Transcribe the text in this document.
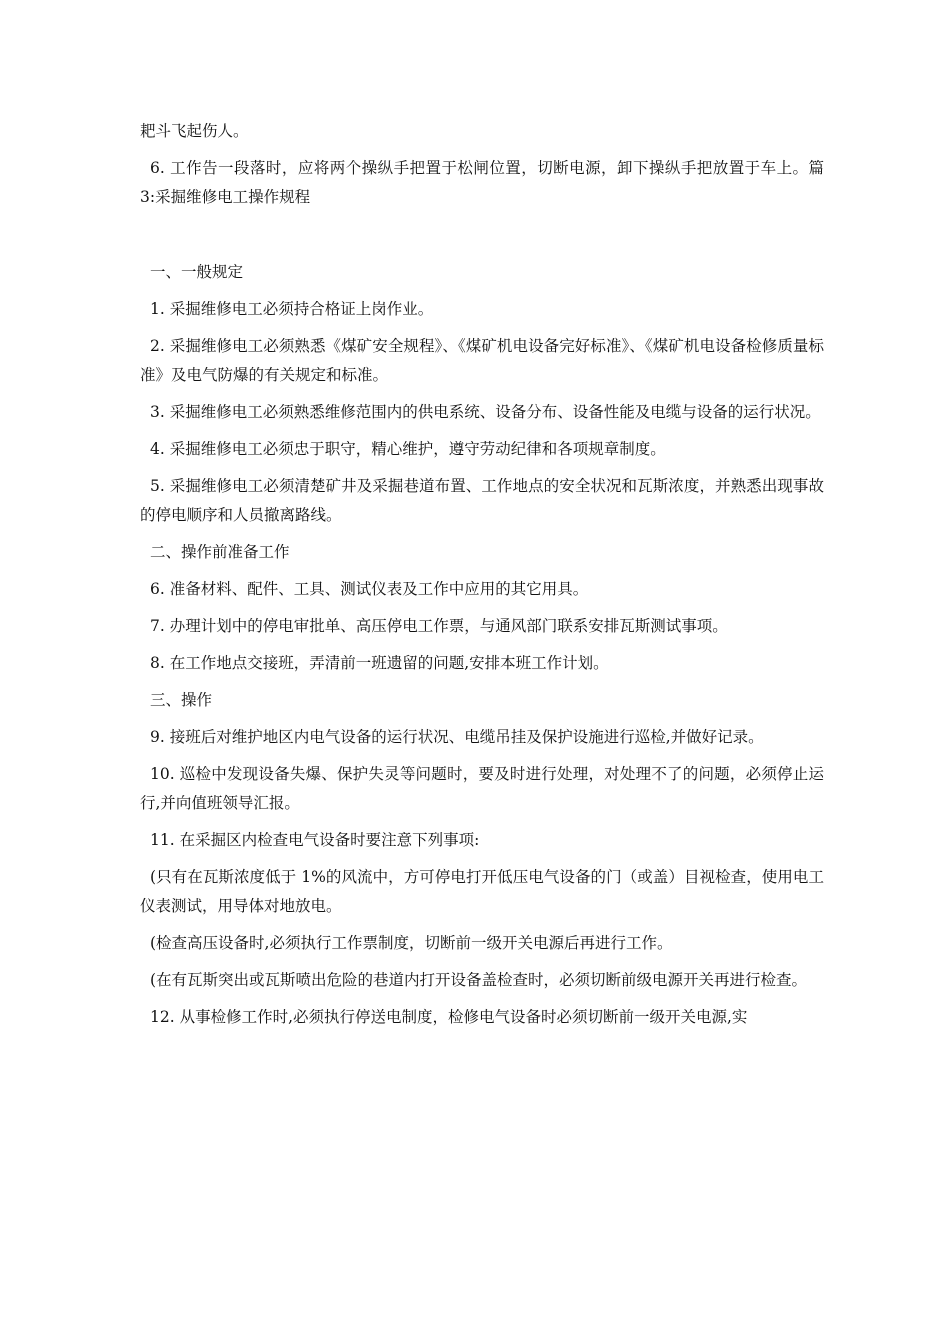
耙斗飞起伤人。

6. 工作告一段落时，应将两个操纵手把置于松闸位置，切断电源，卸下操纵手把放置于车上。篇 3:采掘维修电工操作规程

一、一般规定

1. 采掘维修电工必须持合格证上岗作业。

2. 采掘维修电工必须熟悉《煤矿安全规程》、《煤矿机电设备完好标准》、《煤矿机电设备检修质量标准》及电气防爆的有关规定和标准。

3. 采掘维修电工必须熟悉维修范围内的供电系统、设备分布、设备性能及电缆与设备的运行状况。

4. 采掘维修电工必须忠于职守，精心维护，遵守劳动纪律和各项规章制度。

5. 采掘维修电工必须清楚矿井及采掘巷道布置、工作地点的安全状况和瓦斯浓度，并熟悉出现事故的停电顺序和人员撤离路线。

二、操作前准备工作

6. 准备材料、配件、工具、测试仪表及工作中应用的其它用具。

7. 办理计划中的停电审批单、高压停电工作票，与通风部门联系安排瓦斯测试事项。

8. 在工作地点交接班，弄清前一班遗留的问题,安排本班工作计划。

三、操作

9. 接班后对维护地区内电气设备的运行状况、电缆吊挂及保护设施进行巡检,并做好记录。

10. 巡检中发现设备失爆、保护失灵等问题时，要及时进行处理，对处理不了的问题，必须停止运行,并向值班领导汇报。

11. 在采掘区内检查电气设备时要注意下列事项:

(只有在瓦斯浓度低于 1%的风流中，方可停电打开低压电气设备的门（或盖）目视检查，使用电工仪表测试，用导体对地放电。

(检查高压设备时,必须执行工作票制度，切断前一级开关电源后再进行工作。

(在有瓦斯突出或瓦斯喷出危险的巷道内打开设备盖检查时，必须切断前级电源开关再进行检查。

12. 从事检修工作时,必须执行停送电制度，检修电气设备时必须切断前一级开关电源,实
